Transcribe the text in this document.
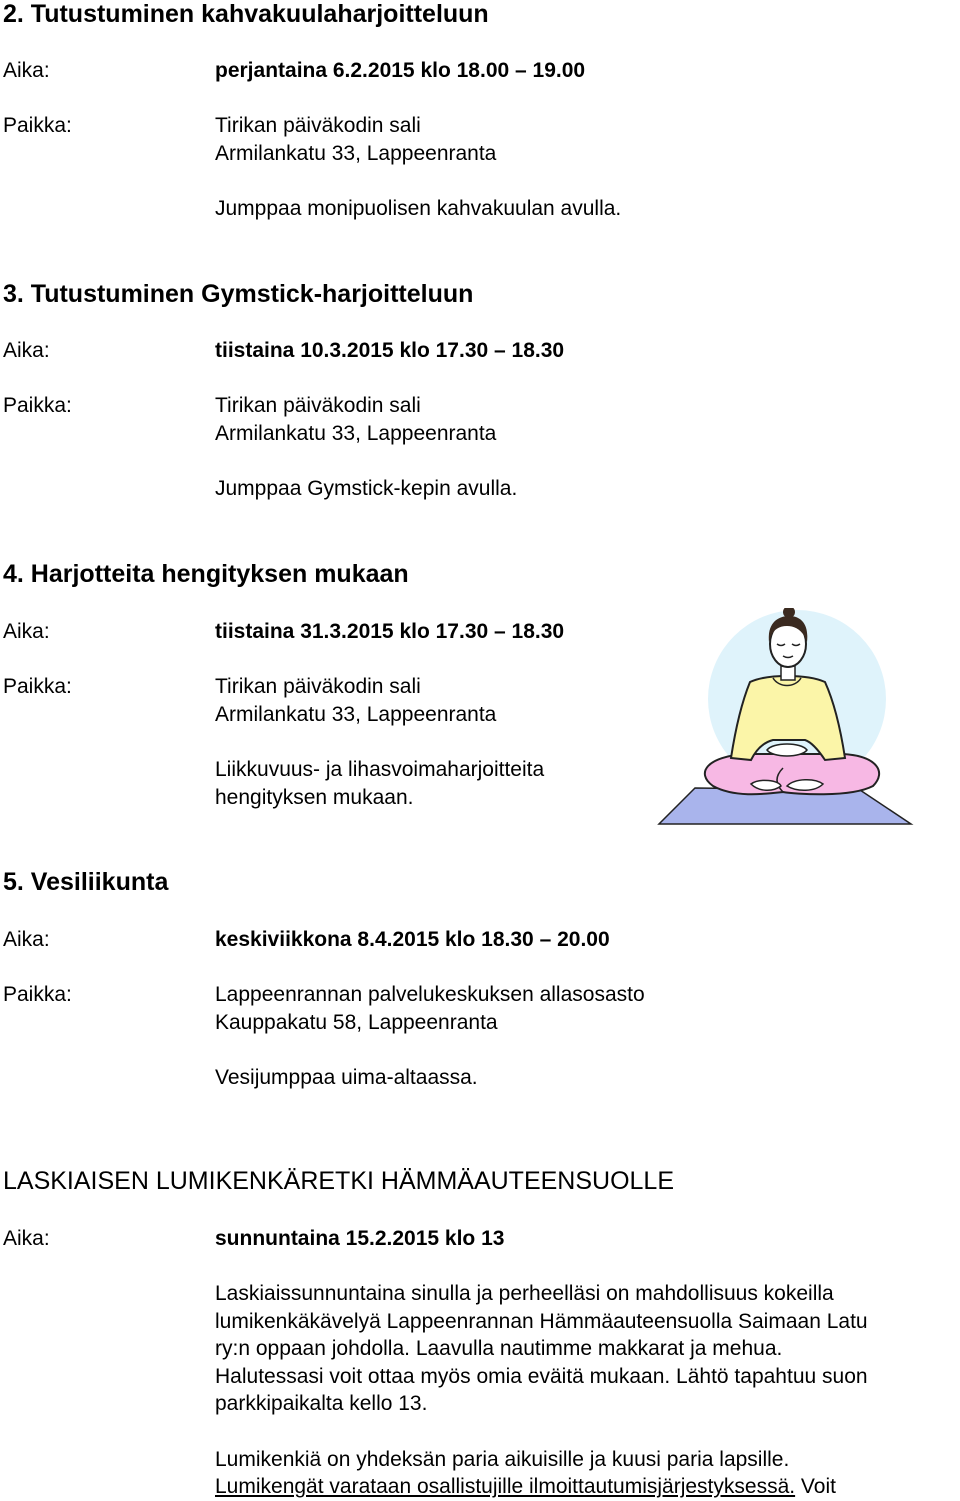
2. Tutustuminen kahvakuulaharjoitteluun
Aika:	perjantaina 6.2.2015 klo 18.00 – 19.00
Paikka:	Tirikan päiväkodin sali
Armilankatu 33, Lappeenranta
Jumppaa monipuolisen kahvakuulan avulla.
3. Tutustuminen Gymstick-harjoitteluun
Aika:	tiistaina 10.3.2015 klo 17.30 – 18.30
Paikka:	Tirikan päiväkodin sali
Armilankatu 33, Lappeenranta
Jumppaa Gymstick-kepin avulla.
4. Harjotteita hengityksen mukaan
Aika:	tiistaina 31.3.2015 klo 17.30 – 18.30
Paikka:	Tirikan päiväkodin sali
Armilankatu 33, Lappeenranta
Liikkuvuus- ja lihasvoimaharjoitteita
hengityksen mukaan.
5. Vesiliikunta
Aika:	keskiviikkona 8.4.2015 klo 18.30 – 20.00
Paikka:	Lappeenrannan palvelukeskuksen allasosasto
Kauppakatu 58, Lappeenranta
Vesijumppaa uima-altaassa.
LASKIAISEN LUMIKENKÄRETKI HÄMMÄAUTEENSUOLLE
Aika:	sunnuntaina 15.2.2015 klo 13
Laskiaissunnuntaina sinulla ja perheelläsi on mahdollisuus kokeilla
lumikenkäkävelyä Lappeenrannan Hämmäauteensuolla Saimaan Latu
ry:n oppaan johdolla. Laavulla nautimme makkarat ja mehua.
Halutessasi voit ottaa myös omia eväitä mukaan. Lähtö tapahtuu suon
parkkipaikalta kello 13.
Lumikenkiä on yhdeksän paria aikuisille ja kuusi paria lapsille.
Lumikengät varataan osallistujille ilmoittautumisjärjestyksessä. Voit
